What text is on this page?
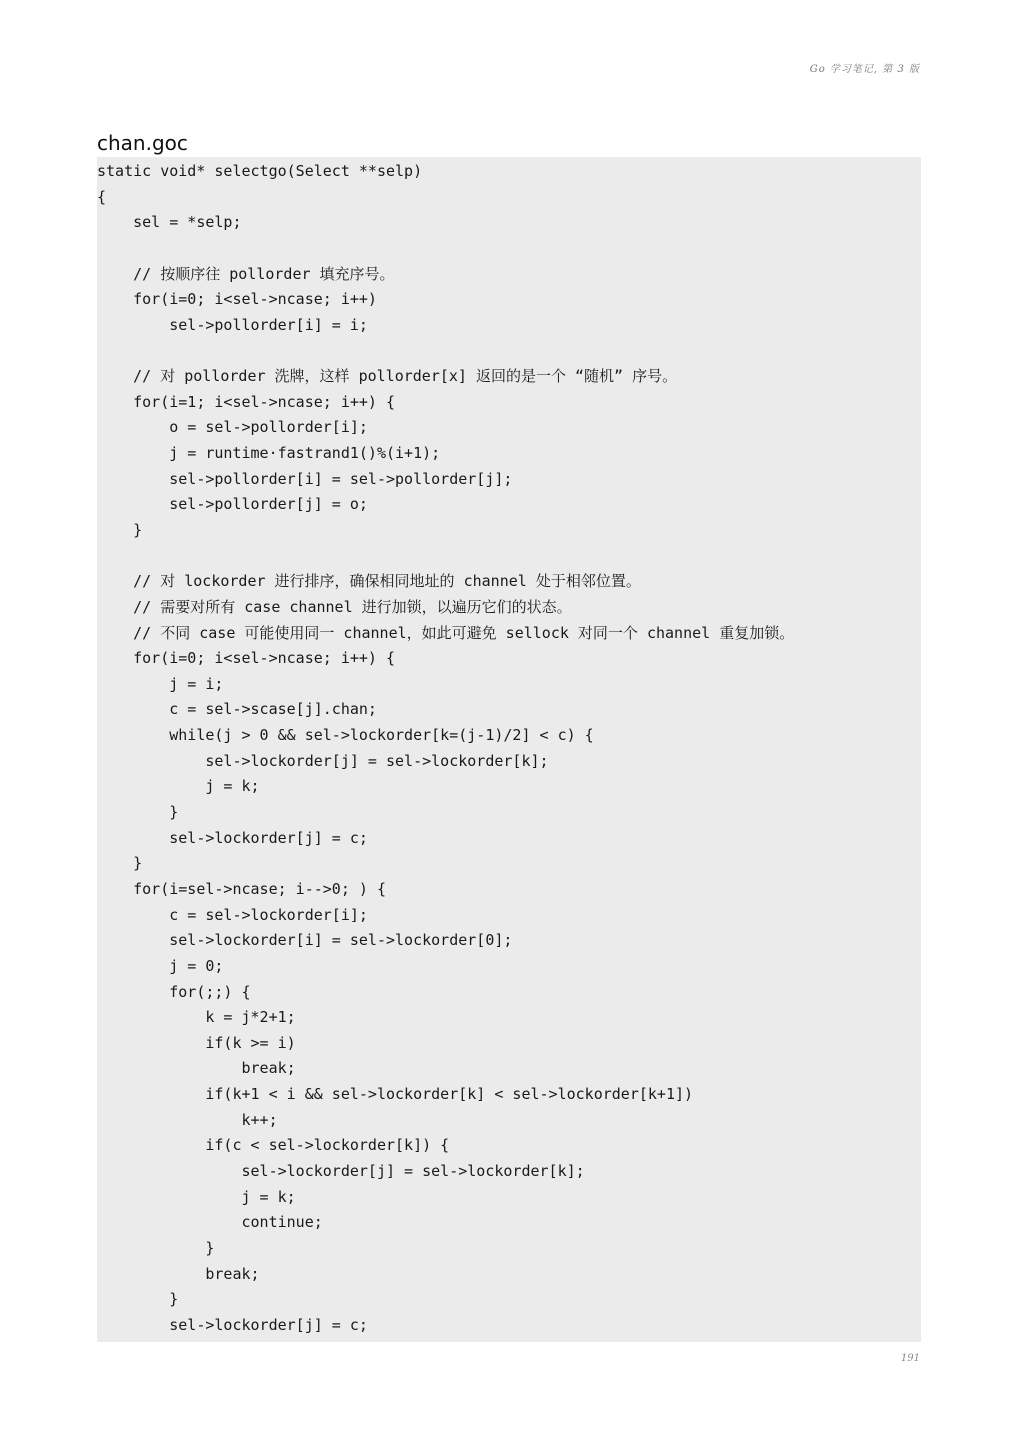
Go 学习笔记, 第 3 版
chan.goc
static void* selectgo(Select **selp)
{
sel = *selp;
// 按顺序往 pollorder 填充序号。
for(i=0; i<sel->ncase; i++)
sel->pollorder[i] = i;
// 对 pollorder 洗牌，这样 pollorder[x] 返回的是一个 “随机” 序号。
for(i=1; i<sel->ncase; i++) {
o = sel->pollorder[i];
j = runtime·fastrand1()%(i+1);
sel->pollorder[i] = sel->pollorder[j];
sel->pollorder[j] = o;
}
// 对 lockorder 进行排序，确保相同地址的 channel 处于相邻位置。
// 需要对所有 case channel 进行加锁，以遍历它们的状态。
// 不同 case 可能使用同一 channel，如此可避免 sellock 对同一个 channel 重复加锁。
for(i=0; i<sel->ncase; i++) {
j = i;
c = sel->scase[j].chan;
while(j > 0 && sel->lockorder[k=(j-1)/2] < c) {
sel->lockorder[j] = sel->lockorder[k];
j = k;
}
sel->lockorder[j] = c;
}
for(i=sel->ncase; i-->0; ) {
c = sel->lockorder[i];
sel->lockorder[i] = sel->lockorder[0];
j = 0;
for(;;) {
k = j*2+1;
if(k >= i)
break;
if(k+1 < i && sel->lockorder[k] < sel->lockorder[k+1])
k++;
if(c < sel->lockorder[k]) {
sel->lockorder[j] = sel->lockorder[k];
j = k;
continue;
}
break;
}
sel->lockorder[j] = c;
191
